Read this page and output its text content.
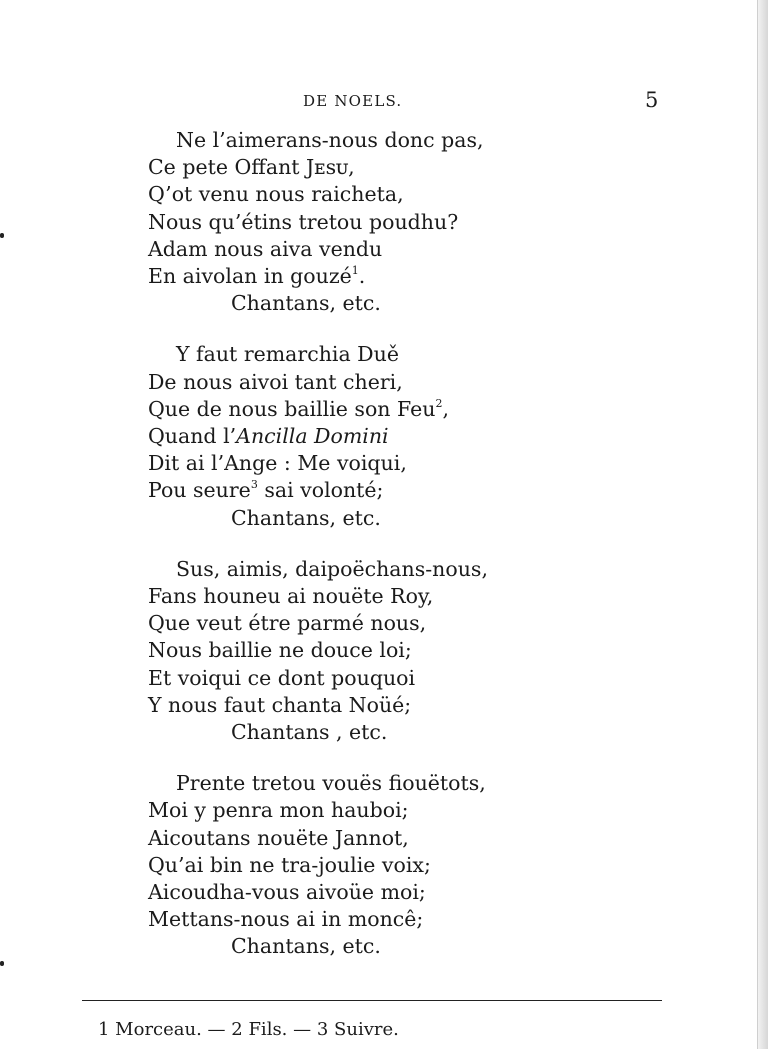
DE NOELS.	5
Ne l’aimerans-nous donc pas,
Ce pete Offant Jᴇsᴜ,
Q’ot venu nous raicheta,
Nous qu’étins tretou poudhu?
Adam nous aiva vendu
En aivolan in gouzé$^1$.
Chantans, etc.
Y faut remarchia Duě
De nous aivoi tant cheri,
Que de nous baillie son Feu$^2$,
Quand l’Ancilla Domini
Dit ai l’Ange : Me voiqui,
Pou seure$^3$ sai volonté;
Chantans, etc.
Sus, aimis, daipoëchans-nous,
Fans houneu ai nouëte Roy,
Que veut étre parmé nous,
Nous baillie ne douce loi;
Et voiqui ce dont pouquoi
Y nous faut chanta Noüé;
Chantans , etc.
Prente tretou vouës fiouëtots,
Moi y penra mon hauboi;
Aicoutans nouëte Jannot,
Qu’ai bin ne tra-joulie voix;
Aicoudha-vous aivoüe moi;
Mettans-nous ai in moncê;
Chantans, etc.
1 Morceau. — 2 Fils. — 3 Suivre.
